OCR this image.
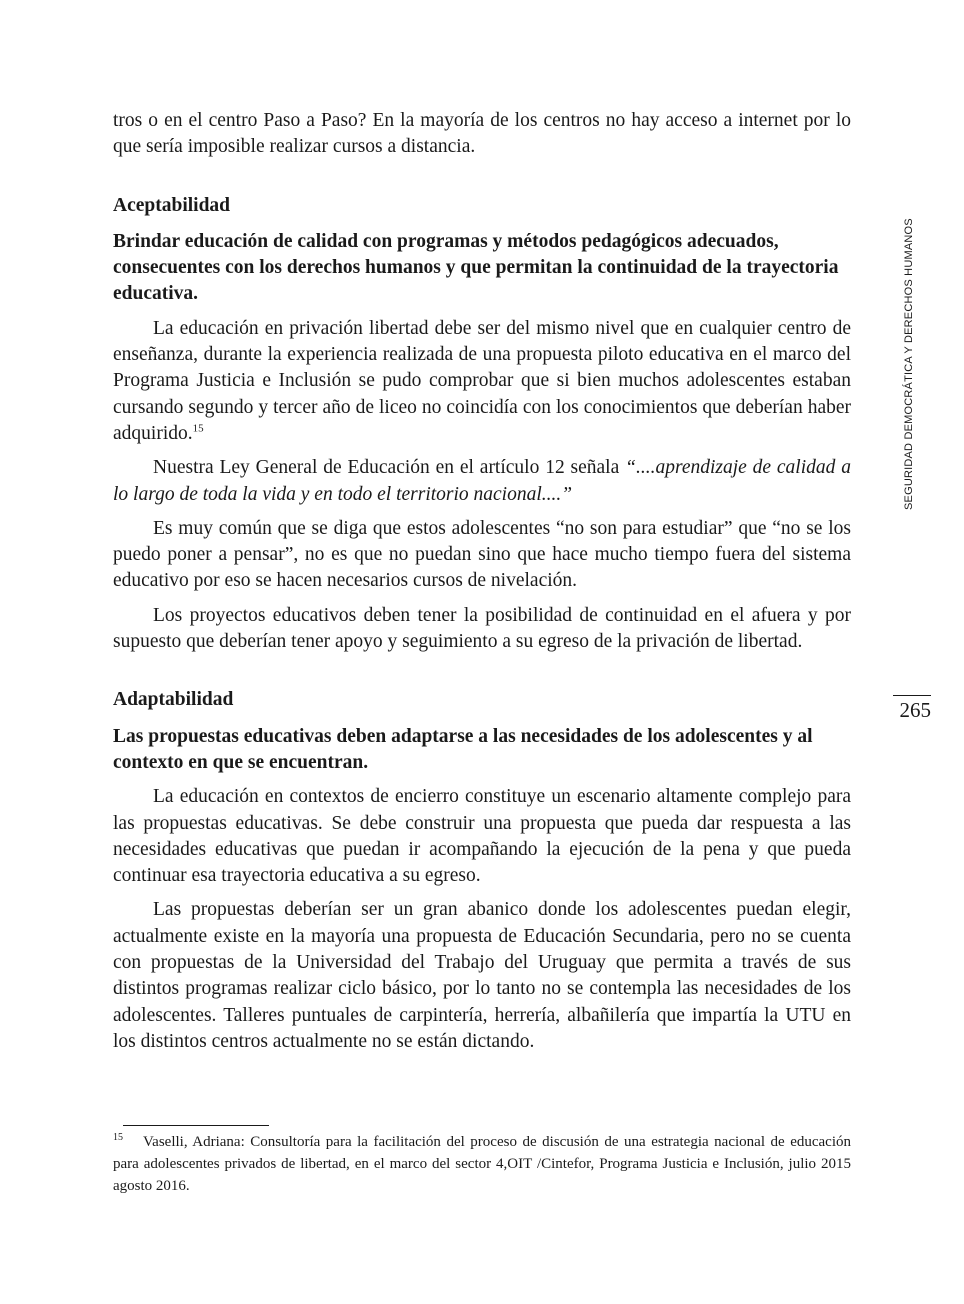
tros o en el centro Paso a Paso? En la mayoría de los centros no hay acceso a internet por lo que sería imposible realizar cursos a distancia.

Aceptabilidad

Brindar educación de calidad con programas y métodos pedagógicos adecuados, consecuentes con los derechos humanos y que permitan la continuidad de la trayectoria educativa.

La educación en privación libertad debe ser del mismo nivel que en cualquier centro de enseñanza, durante la experiencia realizada de una propuesta piloto educativa en el marco del Programa Justicia e Inclusión se pudo comprobar que si bien muchos adolescentes estaban cursando segundo y tercer año de liceo no coincidía con los conocimientos que deberían haber adquirido.$^{15}$

Nuestra Ley General de Educación en el artículo 12 señala “....aprendizaje de calidad a lo largo de toda la vida y en todo el territorio nacional....”

Es muy común que se diga que estos adolescentes “no son para estudiar” que “no se los puedo poner a pensar”, no es que no puedan sino que hace mucho tiempo fuera del sistema educativo por eso se hacen necesarios cursos de nivelación.

Los proyectos educativos deben tener la posibilidad de continuidad en el afuera y por supuesto que deberían tener apoyo y seguimiento a su egreso de la privación de libertad.

Adaptabilidad

Las propuestas educativas deben adaptarse a las necesidades de los adolescentes y al contexto en que se encuentran.

La educación en contextos de encierro constituye un escenario altamente complejo para las propuestas educativas. Se debe construir una propuesta que pueda dar respuesta a las necesidades educativas que puedan ir acompañando la ejecución de la pena y que pueda continuar esa trayectoria educativa a su egreso.

Las propuestas deberían ser un gran abanico donde los adolescentes puedan elegir, actualmente existe en la mayoría una propuesta de Educación Secundaria, pero no se cuenta con propuestas de la Universidad del Trabajo del Uruguay que permita a través de sus distintos programas realizar ciclo básico, por lo tanto no se contempla las necesidades de los adolescentes. Talleres puntuales de carpintería, herrería, albañilería que impartía la UTU en los distintos centros actualmente no se están dictando.

SEGURIDAD DEMOCRÁTICA Y DERECHOS HUMANOS
265
$^{15}$ Vaselli, Adriana: Consultoría para la facilitación del proceso de discusión de una estrategia nacional de educación para adolescentes privados de libertad, en el marco del sector 4,OIT /Cintefor, Programa Justicia e Inclusión, julio 2015 agosto 2016.
